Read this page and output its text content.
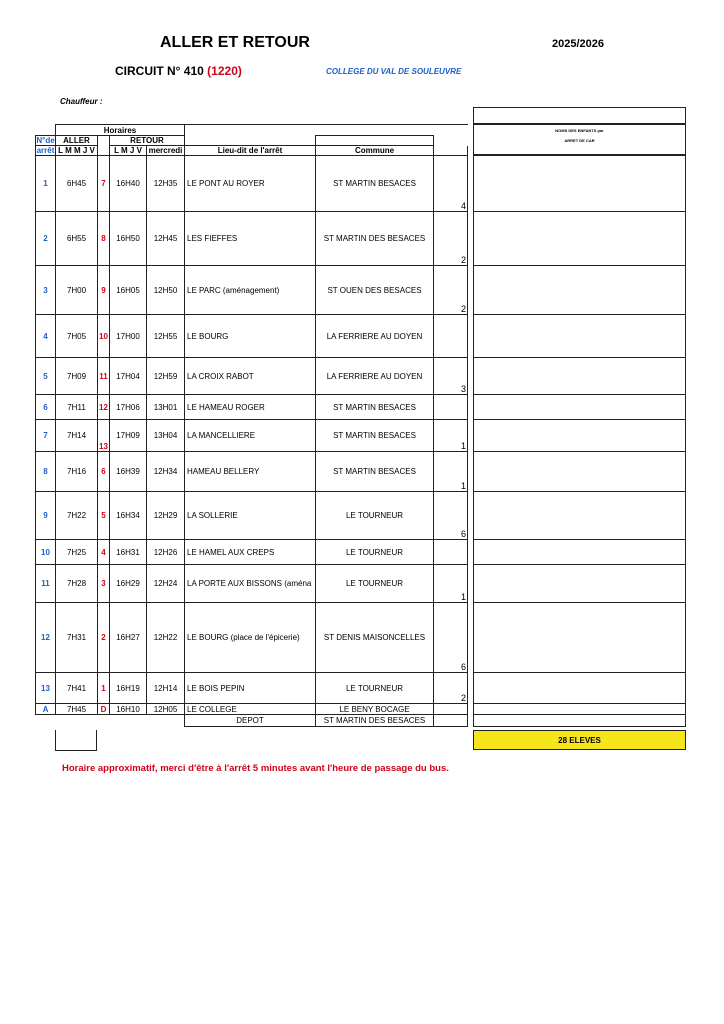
ALLER ET RETOUR	2025/2026
CIRCUIT N° 410 (1220)	COLLEGE DU VAL DE SOULEUVRE
Chauffeur :
	Horaires						
N°de	ALLER		RETOUR				
arrêt	L M M J V		L M J V	mercredi	Lieu-dit de l'arrêt	Commune	
1	6H45	7	16H40	12H35	LE PONT AU ROYER	ST MARTIN BESACES	4
2	6H55	8	16H50	12H45	LES FIEFFES	ST MARTIN DES BESACES	2
3	7H00	9	16H05	12H50	LE PARC (aménagement)	ST OUEN DES BESACES	2
4	7H05	10	17H00	12H55	LE BOURG	LA FERRIERE AU DOYEN	
5	7H09	11	17H04	12H59	LA CROIX RABOT	LA FERRIERE AU DOYEN	3
6	7H11	12	17H06	13H01	LE HAMEAU ROGER	ST MARTIN BESACES	
7	7H14	13	17H09	13H04	LA MANCELLIERE	ST MARTIN BESACES	1
8	7H16	6	16H39	12H34	HAMEAU BELLERY	ST MARTIN BESACES	1
9	7H22	5	16H34	12H29	LA SOLLERIE	LE TOURNEUR	6
10	7H25	4	16H31	12H26	LE HAMEL AUX CREPS	LE TOURNEUR	
11	7H28	3	16H29	12H24	LA PORTE AUX BISSONS (aména	LE TOURNEUR	1
12	7H31	2	16H27	12H22	LE BOURG (place de l'épicerie)	ST DENIS MAISONCELLES	6
13	7H41	1	16H19	12H14	LE BOIS PEPIN	LE TOURNEUR	2
A	7H45	D	16H10	12H05	LE COLLEGE	LE BENY BOCAGE	
					DEPOT	ST MARTIN DES BESACES	
NOMS DES ENFANTS par
ARRET DE CAR
28 ELEVES
Horaire approximatif, merci d'être à l'arrêt 5 minutes avant l'heure de passage du bus.
